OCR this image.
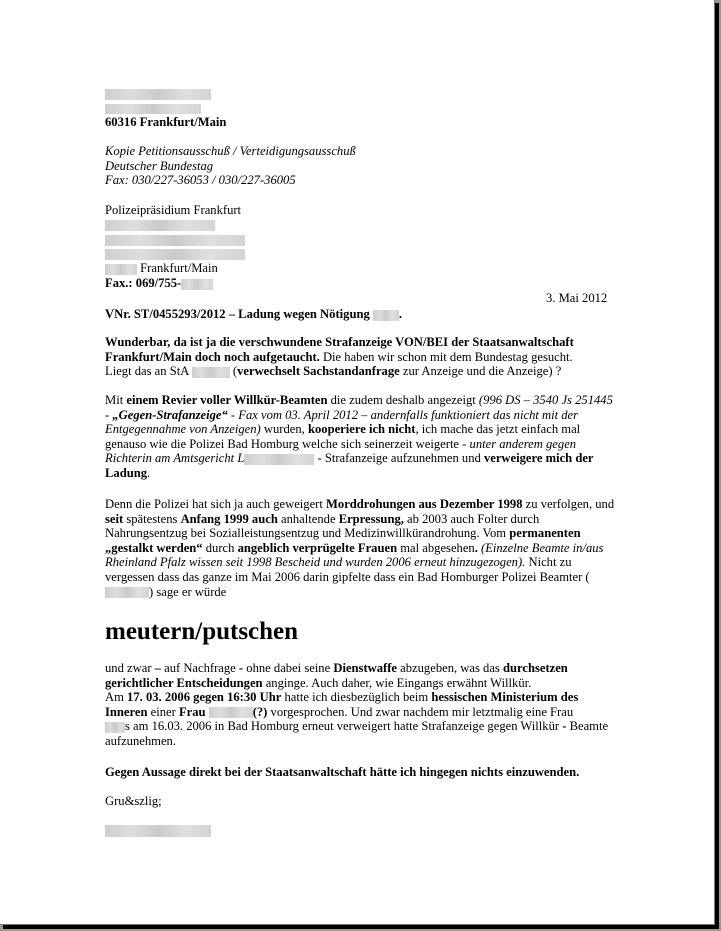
60316 Frankfurt/Main
Kopie Petitionsausschuß / Verteidigungsausschuß
Deutscher Bundestag
Fax: 030/227-36053 / 030/227-36005
Polizeipräsidium Frankfurt
Frankfurt/Main
Fax.: 069/755-
3. Mai 2012
VNr. ST/0455293/2012 – Ladung wegen Nötigung .

Wunderbar, da ist ja die verschwundene Strafanzeige VON/BEI der Staatsanwaltschaft Frankfurt/Main doch noch aufgetaucht. Die haben wir schon mit dem Bundestag gesucht.
Liegt das an StA	(verwechselt Sachstandanfrage zur Anzeige und die Anzeige) ?

Mit einem Revier voller Willkür-Beamten die zudem deshalb angezeigt (996 DS – 3540 Js 251445 - „Gegen-Strafanzeige“ - Fax vom 03. April 2012 – andernfalls funktioniert das nicht mit der Entgegennahme von Anzeigen) wurden, kooperiere ich nicht, ich mache das jetzt einfach mal genauso wie die Polizei Bad Homburg welche sich seinerzeit weigerte - unter anderem gegen Richterin am Amtsgericht L	- Strafanzeige aufzunehmen und verweigere mich der Ladung.

Denn die Polizei hat sich ja auch geweigert Morddrohungen aus Dezember 1998 zu verfolgen, und seit spätestens Anfang 1999 auch anhaltende Erpressung, ab 2003 auch Folter durch Nahrungsentzug bei Sozialleistungsentzug und Medizinwillkürandrohung. Vom permanenten „gestalkt werden“ durch angeblich verprügelte Frauen mal abgesehen. (Einzelne Beamte in/aus Rheinland Pfalz wissen seit 1998 Bescheid und wurden 2006 erneut hinzugezogen). Nicht zu vergessen dass das ganze im Mai 2006 darin gipfelte dass ein Bad Homburger Polizei Beamter () sage er würde

meutern/putschen

und zwar – auf Nachfrage - ohne dabei seine Dienstwaffe abzugeben, was das durchsetzen gerichtlicher Entscheidungen anginge. Auch daher, wie Eingangs erwähnt Willkür.
Am 17. 03. 2006 gegen 16:30 Uhr hatte ich diesbezüglich beim hessischen Ministerium des Inneren einer Frau	(?) vorgesprochen. Und zwar nachdem mir letztmalig eine Frau
s am 16.03. 2006 in Bad Homburg erneut verweigert hatte Strafanzeige gegen Willkür - Beamte aufzunehmen.

Gegen Aussage direkt bei der Staatsanwaltschaft hätte ich hingegen nichts einzuwenden.
Gru&szlig;
